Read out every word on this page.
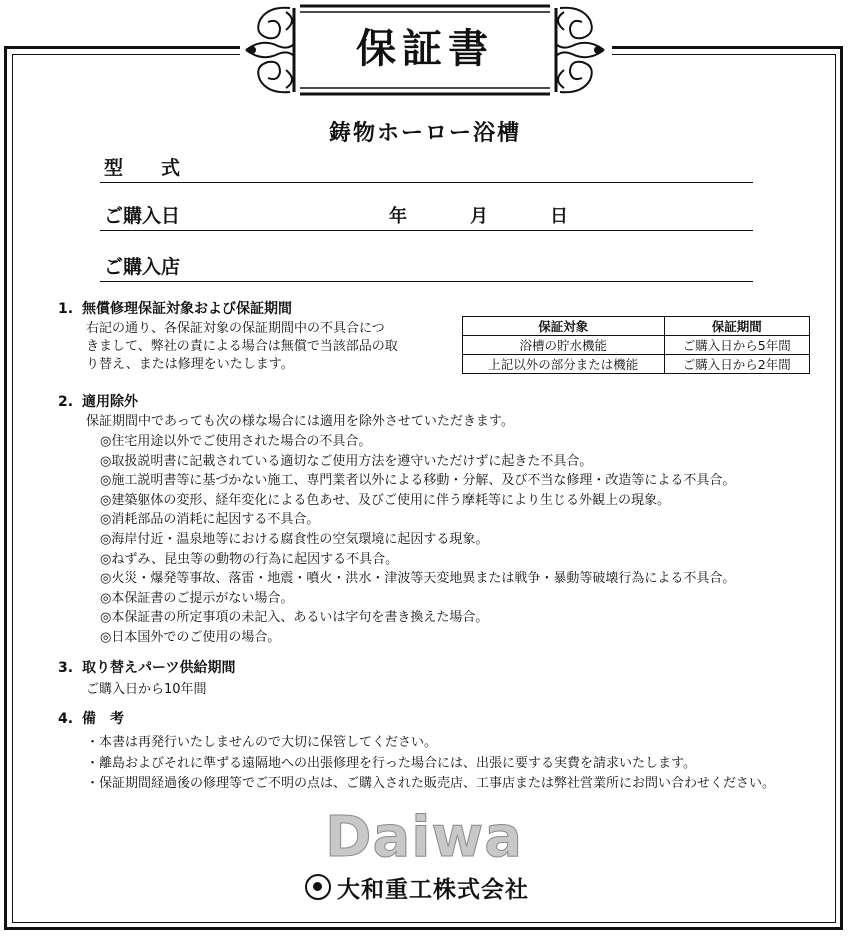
保証書
鋳物ホーロー浴槽
型　　式
ご購入日	年	月	日
ご購入店
1. 無償修理保証対象および保証期間
右記の通り、各保証対象の保証期間中の不具合につ
きまして、弊社の責による場合は無償で当該部品の取
り替え、または修理をいたします。
保証対象	保証期間
浴槽の貯水機能	ご購入日から5年間
上記以外の部分または機能	ご購入日から2年間
2. 適用除外
保証期間中であっても次の様な場合には適用を除外させていただきます。
◎住宅用途以外でご使用された場合の不具合。
◎取扱説明書に記載されている適切なご使用方法を遵守いただけずに起きた不具合。
◎施工説明書等に基づかない施工、専門業者以外による移動・分解、及び不当な修理・改造等による不具合。
◎建築躯体の変形、経年変化による色あせ、及びご使用に伴う摩耗等により生じる外観上の現象。
◎消耗部品の消耗に起因する不具合。
◎海岸付近・温泉地等における腐食性の空気環境に起因する現象。
◎ねずみ、昆虫等の動物の行為に起因する不具合。
◎火災・爆発等事故、落雷・地震・噴火・洪水・津波等天変地異または戦争・暴動等破壊行為による不具合。
◎本保証書のご提示がない場合。
◎本保証書の所定事項の未記入、あるいは字句を書き換えた場合。
◎日本国外でのご使用の場合。
3. 取り替えパーツ供給期間
ご購入日から10年間
4. 備　考
・本書は再発行いたしませんので大切に保管してください。
・離島およびそれに準ずる遠隔地への出張修理を行った場合には、出張に要する実費を請求いたします。
・保証期間経過後の修理等でご不明の点は、ご購入された販売店、工事店または弊社営業所にお問い合わせください。
Daiwa
大和重工株式会社
